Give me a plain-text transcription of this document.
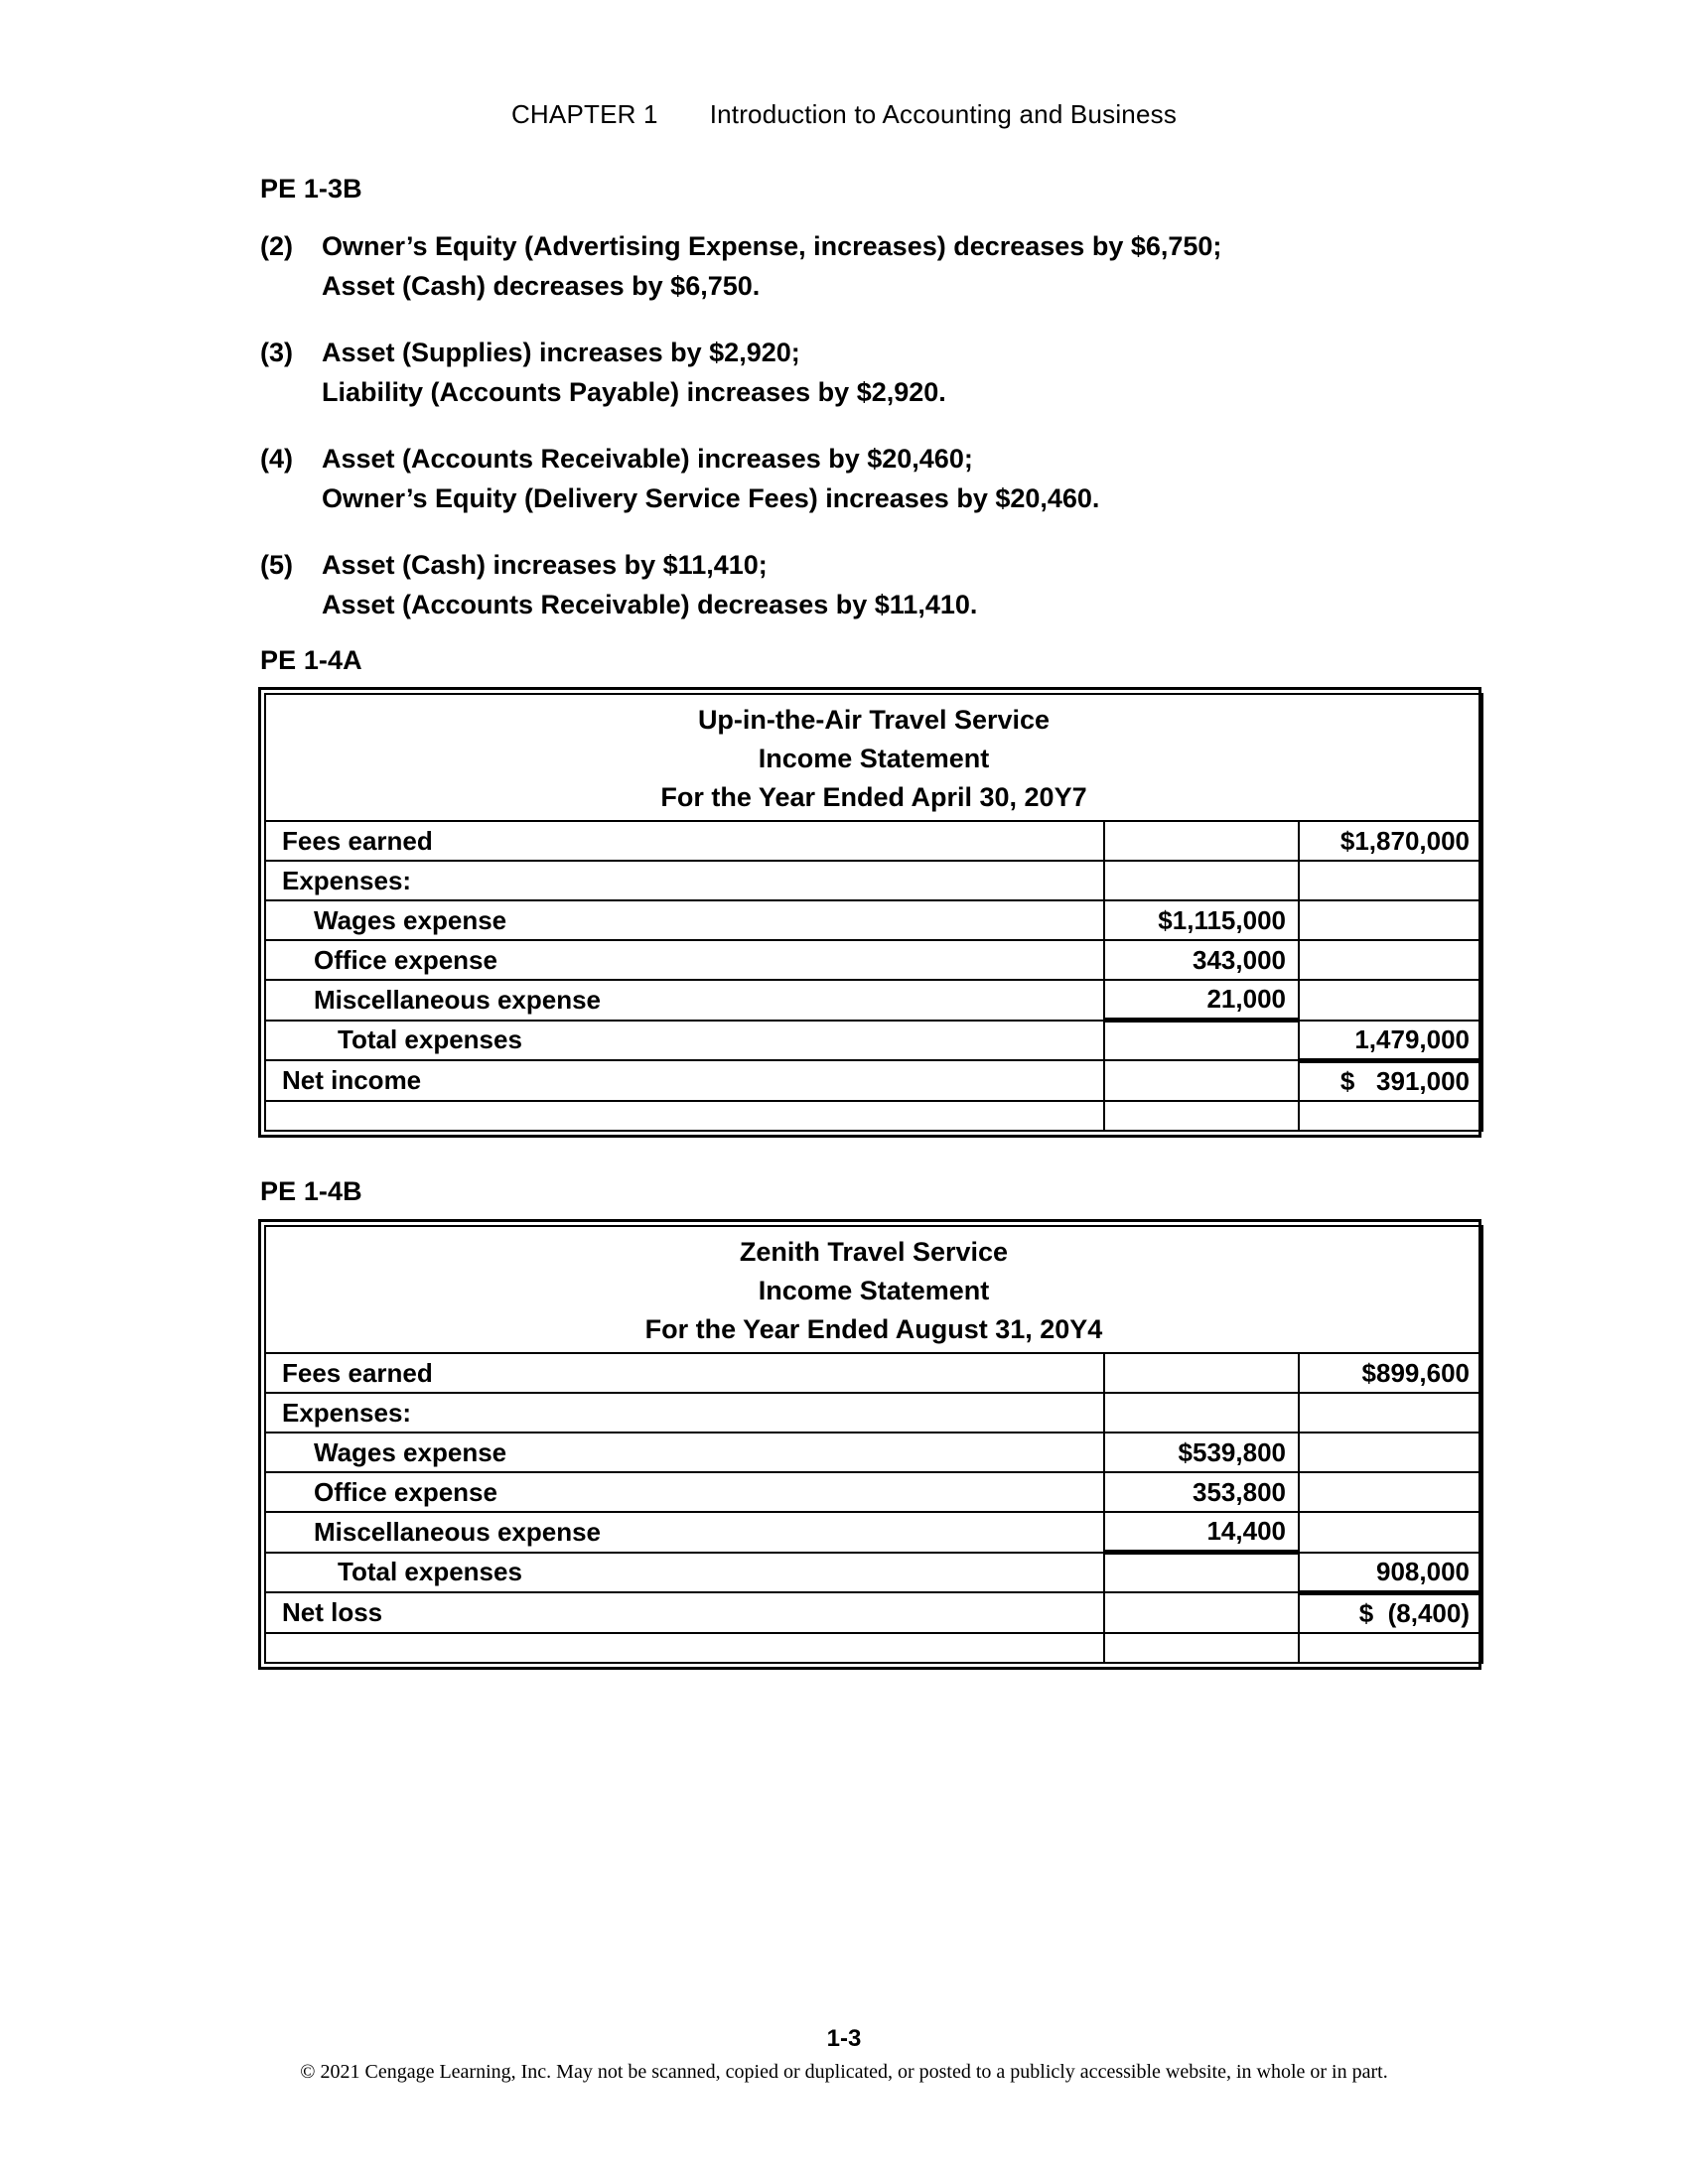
CHAPTER 1 Introduction to Accounting and Business
PE 1-3B
(2)	Owner’s Equity (Advertising Expense, increases) decreases by $6,750;
Asset (Cash) decreases by $6,750.
(3)	Asset (Supplies) increases by $2,920;
Liability (Accounts Payable) increases by $2,920.
(4)	Asset (Accounts Receivable) increases by $20,460;
Owner’s Equity (Delivery Service Fees) increases by $20,460.
(5)	Asset (Cash) increases by $11,410;
Asset (Accounts Receivable) decreases by $11,410.
PE 1-4A
Up-in-the-Air Travel Service
Income Statement
For the Year Ended April 30, 20Y7		

Fees earned		$1,870,000
Expenses:		
Wages expense	$1,115,000	
Office expense	343,000	
Miscellaneous expense	21,000	
Total expenses		1,479,000
Net income		$   391,000

PE 1-4B
Zenith Travel Service
Income Statement
For the Year Ended August 31, 20Y4		

Fees earned		$899,600
Expenses:		
Wages expense	$539,800	
Office expense	353,800	
Miscellaneous expense	14,400	
Total expenses		908,000
Net loss		$  (8,400)

1-3
© 2021 Cengage Learning, Inc. May not be scanned, copied or duplicated, or posted to a publicly accessible website, in whole or in part.
